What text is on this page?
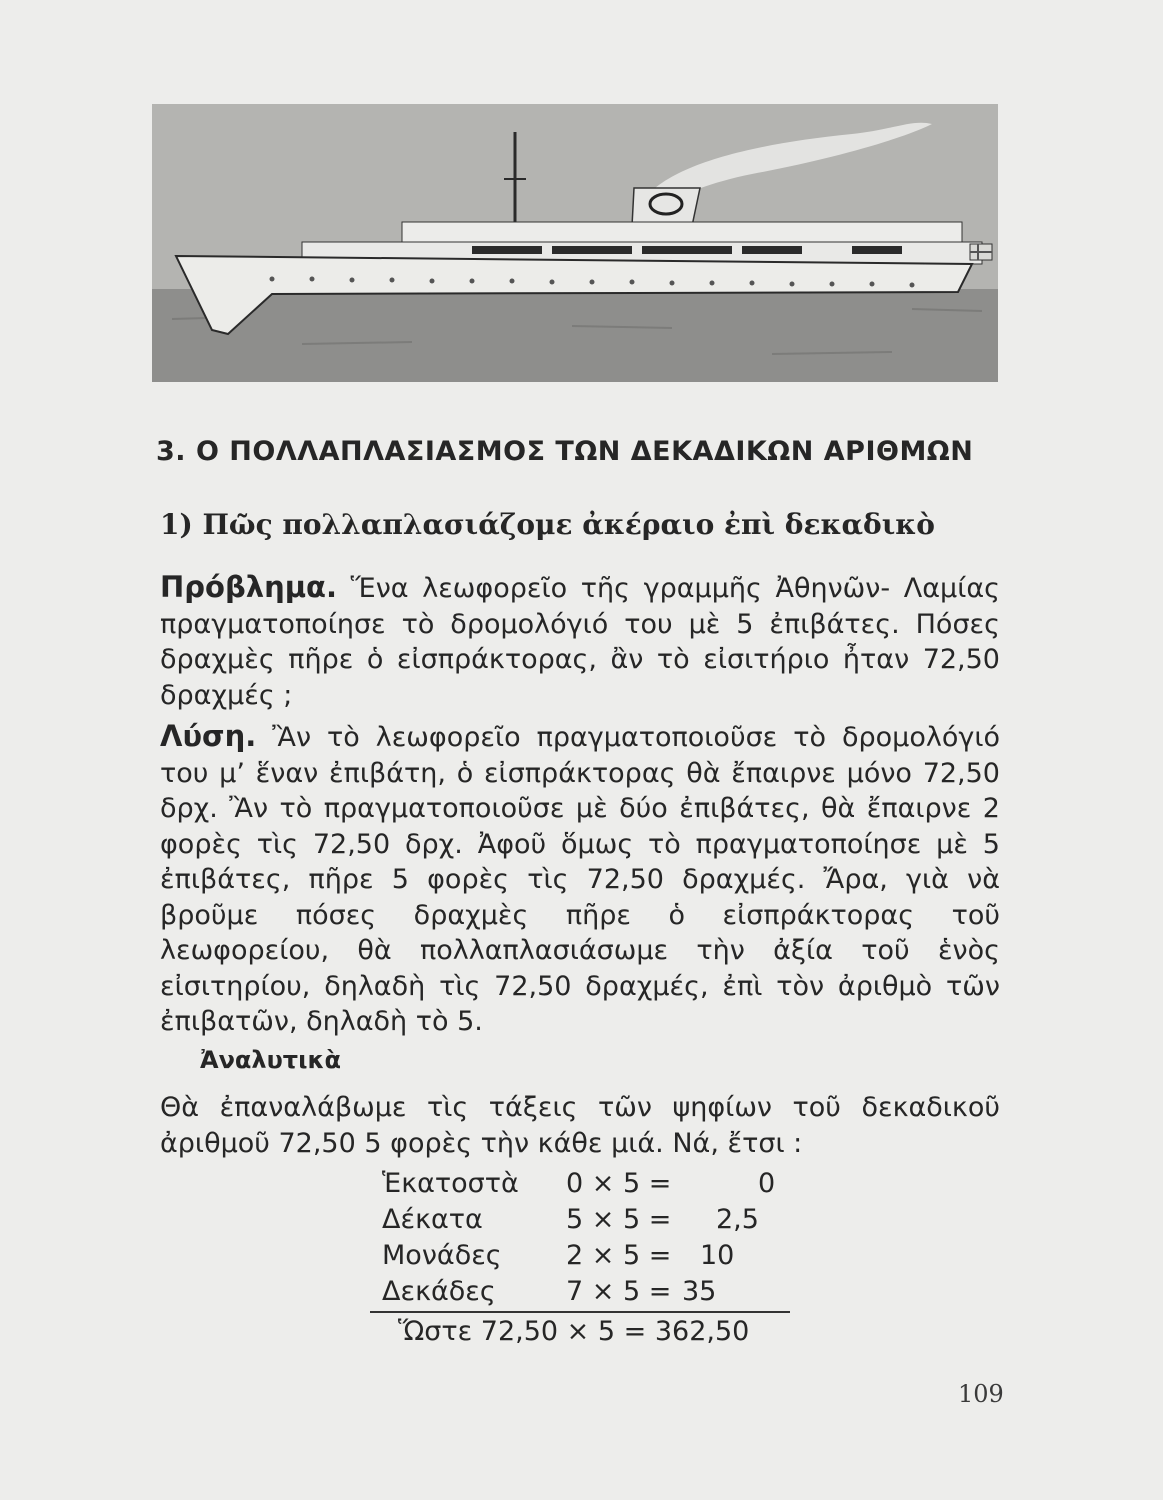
3. Ο ΠΟΛΛΑΠΛΑΣΙΑΣΜΟΣ ΤΩΝ ΔΕΚΑΔΙΚΩΝ ΑΡΙΘΜΩΝ
1) Πῶς πολλαπλασιάζομε ἀκέραιο ἐπὶ δεκαδικὸ
Πρόβλημα. Ἕνα λεωφορεῖο τῆς γραμμῆς Ἀθηνῶν- Λαμίας πραγματοποίησε τὸ δρομολόγιό του μὲ 5 ἐπιβάτες. Πόσες δραχμὲς πῆρε ὁ εἰσπράκτορας, ἂν τὸ εἰσιτήριο ἦταν 72,50 δραχμές ;
Λύση. Ἂν τὸ λεωφορεῖο πραγματοποιοῦσε τὸ δρομολόγιό του μ’ ἕναν ἐπιβάτη, ὁ εἰσπράκτορας θὰ ἔπαιρνε μόνο 72,50 δρχ. Ἂν τὸ πραγματοποιοῦσε μὲ δύο ἐπιβάτες, θὰ ἔπαιρνε 2 φορὲς τὶς 72,50 δρχ. Ἀφοῦ ὅμως τὸ πραγματοποίησε μὲ 5 ἐπιβάτες, πῆρε 5 φορὲς τὶς 72,50 δραχμές. Ἄρα, γιὰ νὰ βροῦμε πόσες δραχμὲς πῆρε ὁ εἰσπράκτορας τοῦ λεωφορείου, θὰ πολλαπλασιάσωμε τὴν ἀξία τοῦ ἑνὸς εἰσιτηρίου, δηλαδὴ τὶς 72,50 δραχμές, ἐπὶ τὸν ἀριθμὸ τῶν ἐπιβατῶν, δηλαδὴ τὸ 5.
Ἀναλυτικὰ
Θὰ ἐπαναλάβωμε τὶς τάξεις τῶν ψηφίων τοῦ δεκαδικοῦ ἀριθμοῦ 72,50 5 φορὲς τὴν κάθε μιά. Νά, ἔτσι :
Ἑκατοστὰ 0 × 5 =	0
Δέκατα	5 × 5 = 2,5
Μονάδες 2 × 5 = 10
Δεκάδες	7 × 5 = 35
Ὥστε 72,50 × 5 = 362,50
109
